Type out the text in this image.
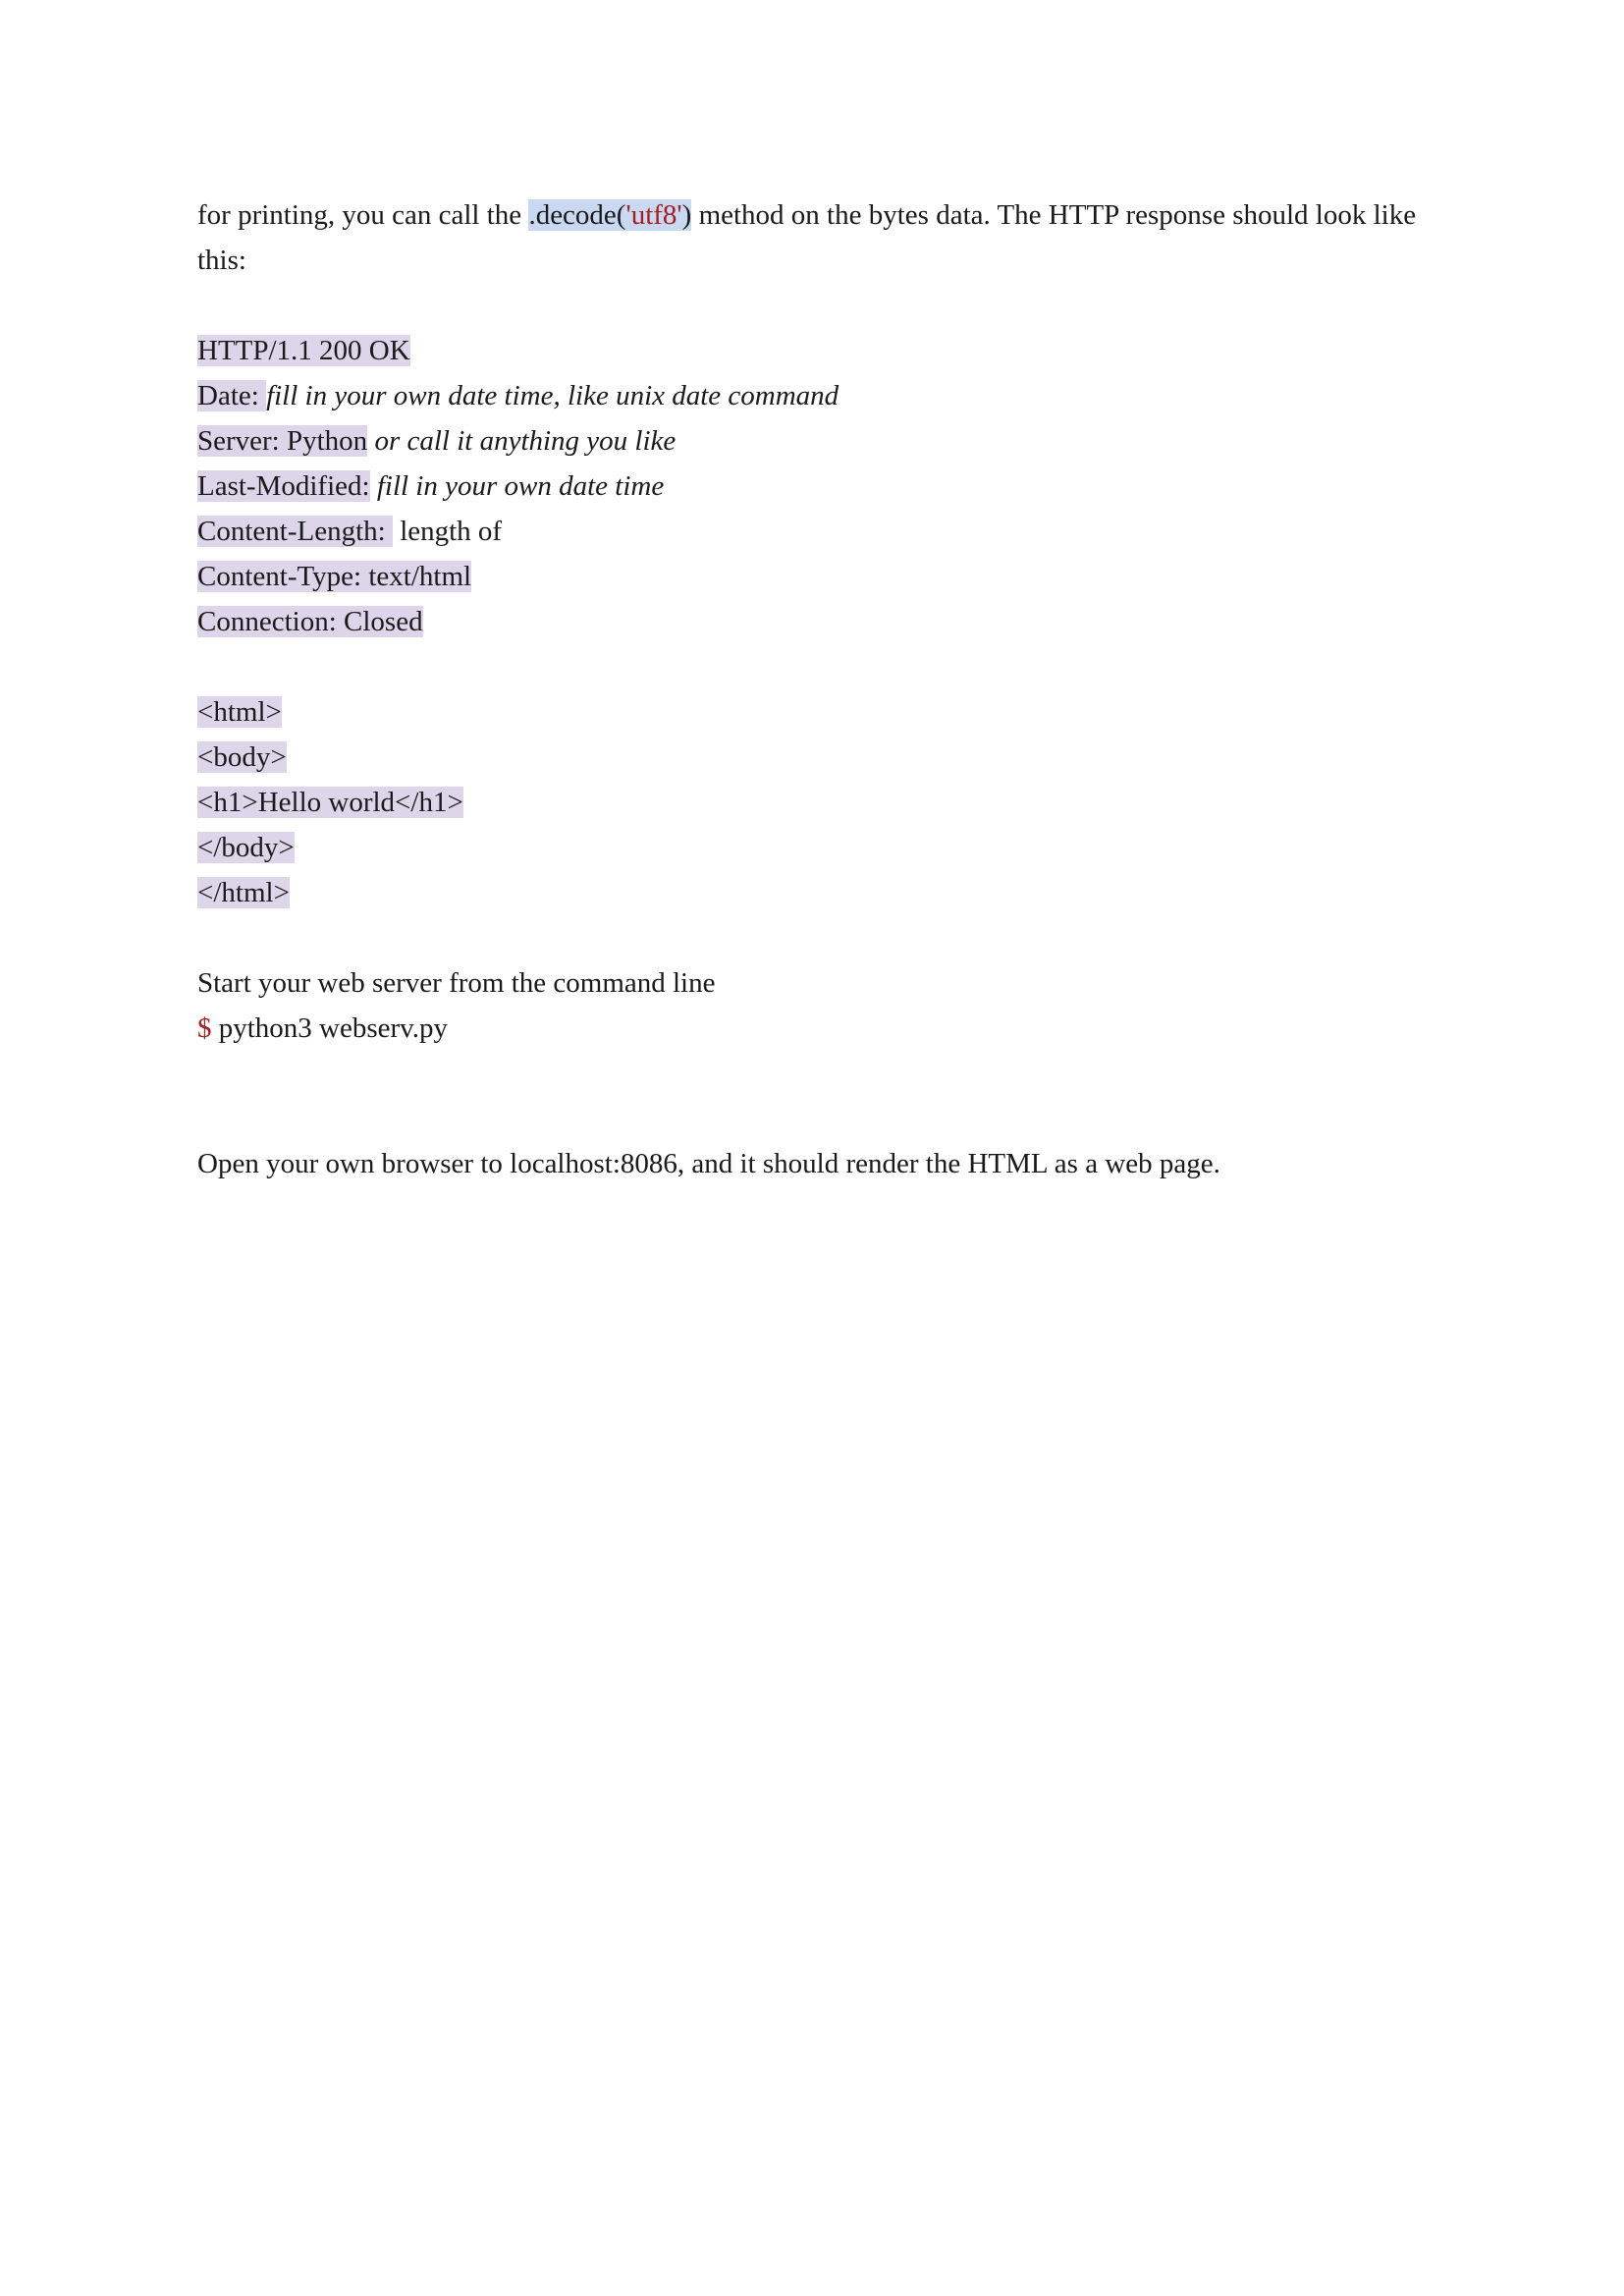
for printing, you can call the .decode('utf8') method on the bytes data. The HTTP response should look like
this:

HTTP/1.1 200 OK
Date: fill in your own date time, like unix date command
Server: Python or call it anything you like
Last-Modified: fill in your own date time
Content-Length:  length of
Content-Type: text/html
Connection: Closed
<html>
<body>
<h1>Hello world</h1>
</body>
</html>
Start your web server from the command line
$ python3 webserv.py

Open your own browser to localhost:8086, and it should render the HTML as a web page.
